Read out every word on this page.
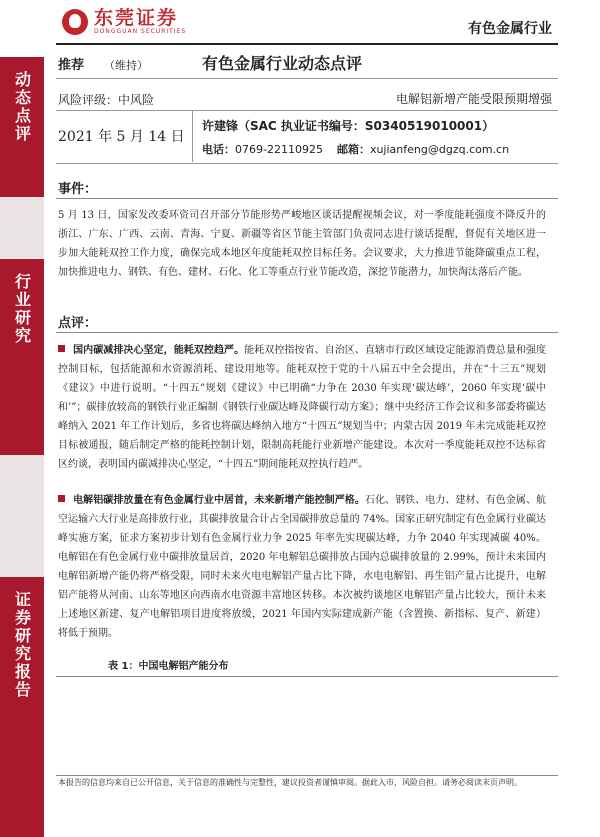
东莞证券
DONGGUAN SECURITIES	有色金属行业
动态点评
行业研究
证券研究报告
推荐 （维持）	有色金属行业动态点评
风险评级：中风险	电解铝新增产能受限预期增强
2021 年 5 月 14 日
许建锋（SAC 执业证书编号：S0340519010001）
电话：0769-22110925 邮箱：xujianfeng@dgzq.com.cn
事件：
5 月 13 日，国家发改委环资司召开部分节能形势严峻地区谈话提醒视频会议，对一季度能耗强度不降反升的浙江、广东、广西、云南、青海、宁夏、新疆等省区节能主管部门负责同志进行谈话提醒，督促有关地区进一步加大能耗双控工作力度，确保完成本地区年度能耗双控目标任务。会议要求，大力推进节能降碳重点工程，加快推进电力、钢铁、有色、建材、石化、化工等重点行业节能改造，深挖节能潜力，加快淘汰落后产能。
点评：
国内碳减排决心坚定，能耗双控趋严。能耗双控指按省、自治区、直辖市行政区域设定能源消费总量和强度控制目标，包括能源和水资源消耗、建设用地等。能耗双控于党的十八届五中全会提出，并在“十三五”规划《建议》中进行说明。“十四五”规划《建议》中已明确“力争在 2030 年实现‘碳达峰’，2060 年实现‘碳中和’”；碳排放较高的钢铁行业正编制《钢铁行业碳达峰及降碳行动方案》；继中央经济工作会议和多部委将碳达峰纳入 2021 年工作计划后，多省也将碳达峰纳入地方“十四五”规划当中；内蒙古因 2019 年未完成能耗双控目标被通报，随后制定严格的能耗控制计划，限制高耗能行业新增产能建设。本次对一季度能耗双控不达标省区约谈，表明国内碳减排决心坚定，“十四五”期间能耗双控执行趋严。
电解铝碳排放量在有色金属行业中居首，未来新增产能控制严格。石化、钢铁、电力、建材、有色金属、航空运输六大行业是高排放行业，其碳排放量合计占全国碳排放总量的 74%。国家正研究制定有色金属行业碳达峰实施方案，征求方案初步计划有色金属行业力争 2025 年率先实现碳达峰，力争 2040 年实现减碳 40%。电解铝在有色金属行业中碳排放量居首，2020 年电解铝总碳排放占国内总碳排放量的 2.99%，预计未来国内电解铝新增产能仍将严格受限，同时未来火电电解铝产量占比下降，水电电解铝、再生铝产量占比提升，电解铝产能将从河南、山东等地区向西南水电资源丰富地区转移。本次被约谈地区电解铝产量占比较大，预计未来上述地区新建、复产电解铝项目进度将放缓，2021 年国内实际建成新产能（含置换、新指标、复产、新建）将低于预期。
表 1：中国电解铝产能分布
本报告的信息均来自已公开信息，关于信息的准确性与完整性，建议投资者谨慎审阅。据此入市，风险自担。请务必阅读末页声明。
